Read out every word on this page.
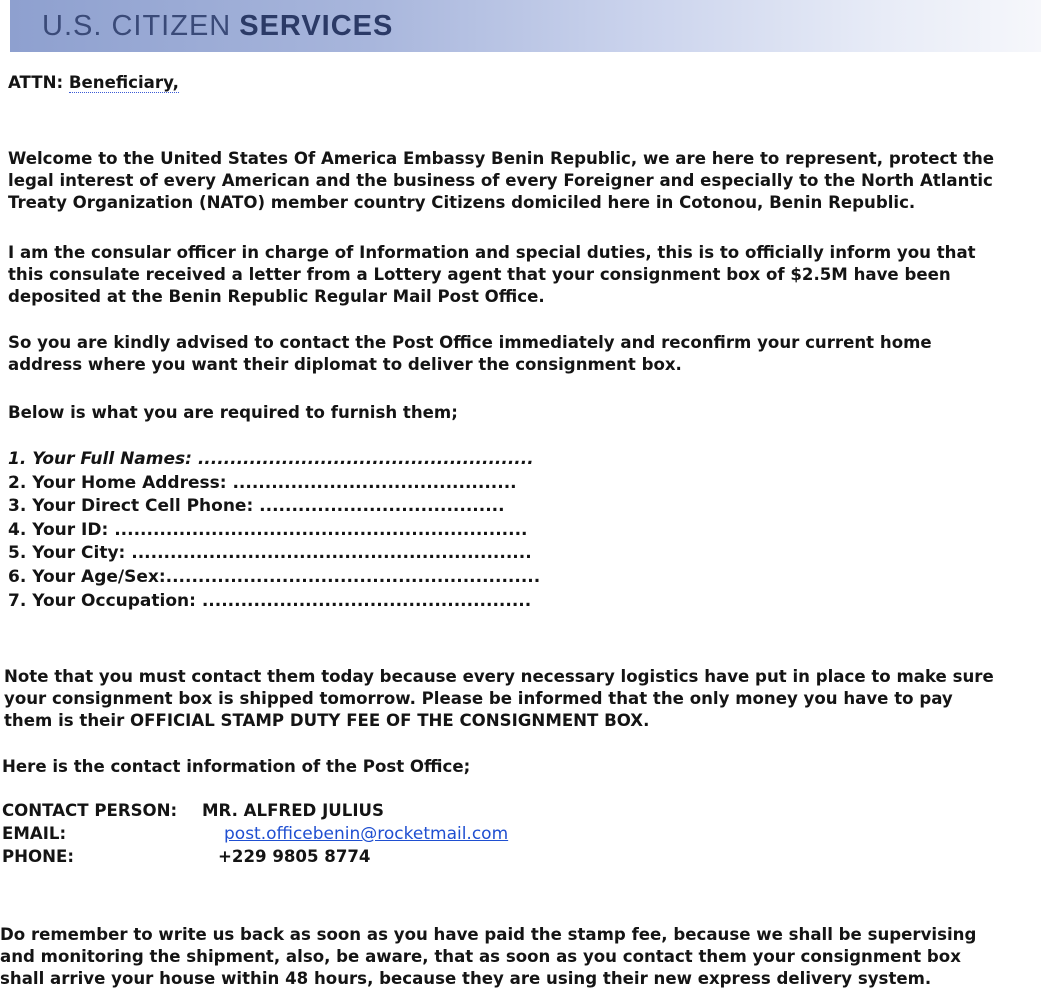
U.S. CITIZEN SERVICES
ATTN: Beneficiary,
Welcome to the United States Of America Embassy Benin Republic, we are here to represent, protect the
legal interest of every American and the business of every Foreigner and especially to the North Atlantic
Treaty Organization (NATO) member country Citizens domiciled here in Cotonou, Benin Republic.
I am the consular officer in charge of Information and special duties, this is to officially inform you that
this consulate received a letter from a Lottery agent that your consignment box of $2.5M have been
deposited at the Benin Republic Regular Mail Post Office.
So you are kindly advised to contact the Post Office immediately and reconfirm your current home
address where you want their diplomat to deliver the consignment box.
Below is what you are required to furnish them;
1. Your Full Names: ....................................................
2. Your Home Address: ............................................
3. Your Direct Cell Phone: ......................................
4. Your ID: ................................................................
5. Your City: ..............................................................
6. Your Age/Sex:..........................................................
7. Your Occupation: ...................................................
Note that you must contact them today because every necessary logistics have put in place to make sure
your consignment box is shipped tomorrow. Please be informed that the only money you have to pay
them is their OFFICIAL STAMP DUTY FEE OF THE CONSIGNMENT BOX.
Here is the contact information of the Post Office;
CONTACT PERSON: MR. ALFRED JULIUS
EMAIL:	post.officebenin@rocketmail.com
PHONE:	+229 9805 8774
Do remember to write us back as soon as you have paid the stamp fee, because we shall be supervising
and monitoring the shipment, also, be aware, that as soon as you contact them your consignment box
shall arrive your house within 48 hours, because they are using their new express delivery system.
